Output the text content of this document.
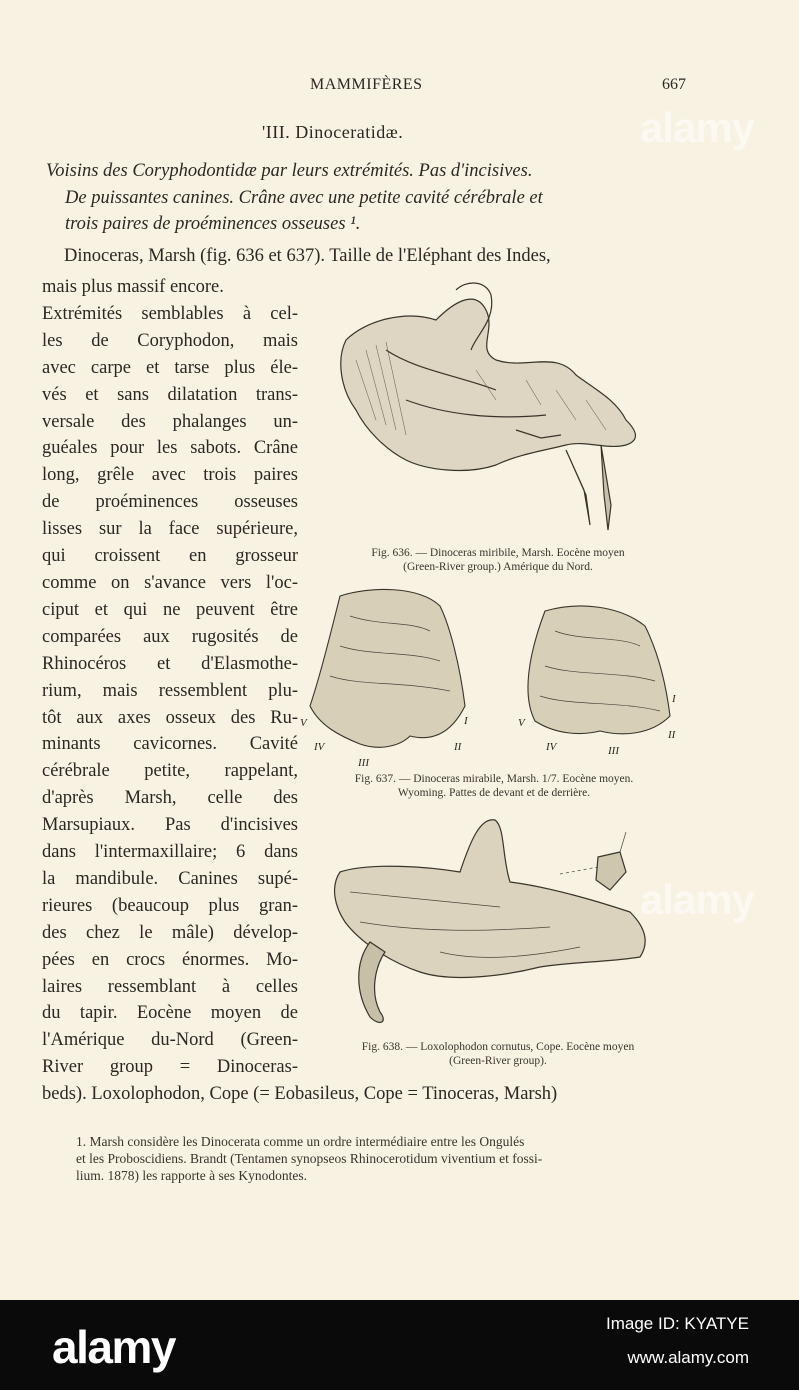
MAMMIFÈRES	667
'III. Dinoceratidæ.
Voisins des Coryphodontidæ par leurs extrémités. Pas d'incisives.
De puissantes canines. Crâne avec une petite cavité cérébrale et
trois paires de proéminences osseuses ¹.
Dinoceras, Marsh (fig. 636 et 637). Taille de l'Eléphant des Indes,
mais plus massif encore.
Extrémités semblables à cel-
les de Coryphodon, mais
avec carpe et tarse plus éle-
vés et sans dilatation trans-
versale des phalanges un-
guéales pour les sabots. Crâne
long, grêle avec trois paires
de proéminences osseuses
lisses sur la face supérieure,
qui croissent en grosseur
comme on s'avance vers l'oc-
ciput et qui ne peuvent être
comparées aux rugosités de
Rhinocéros et d'Elasmothe-
rium, mais ressemblent plu-
tôt aux axes osseux des Ru-
minants cavicornes. Cavité
cérébrale petite, rappelant,
d'après Marsh, celle des
Marsupiaux. Pas d'incisives
dans l'intermaxillaire; 6 dans
la mandibule. Canines supé-
rieures (beaucoup plus gran-
des chez le mâle) dévelop-
pées en crocs énormes. Mo-
laires ressemblant à celles
du tapir. Eocène moyen de
l'Amérique du-Nord (Green-
River group = Dinoceras-
beds). Loxolophodon, Cope (= Eobasileus, Cope = Tinoceras, Marsh)
Fig. 636. — Dinoceras miribile, Marsh. Eocène moyen
(Green-River group.) Amérique du Nord.
V
IV
III
II
I	V
IV	III
II
I
Fig. 637. — Dinoceras mirabile, Marsh. 1/7. Eocène moyen.
Wyoming. Pattes de devant et de derrière.
Fig. 638. — Loxolophodon cornutus, Cope. Eocène moyen
(Green-River group).
1. Marsh considère les Dinocerata comme un ordre intermédiaire entre les Ongulés
et les Proboscidiens. Brandt (Tentamen synopseos Rhinocerotidum viventium et fossi-
lium. 1878) les rapporte à ses Kynodontes.
alamy
alamy
alamy	Image ID: KYATYE
www.alamy.com
